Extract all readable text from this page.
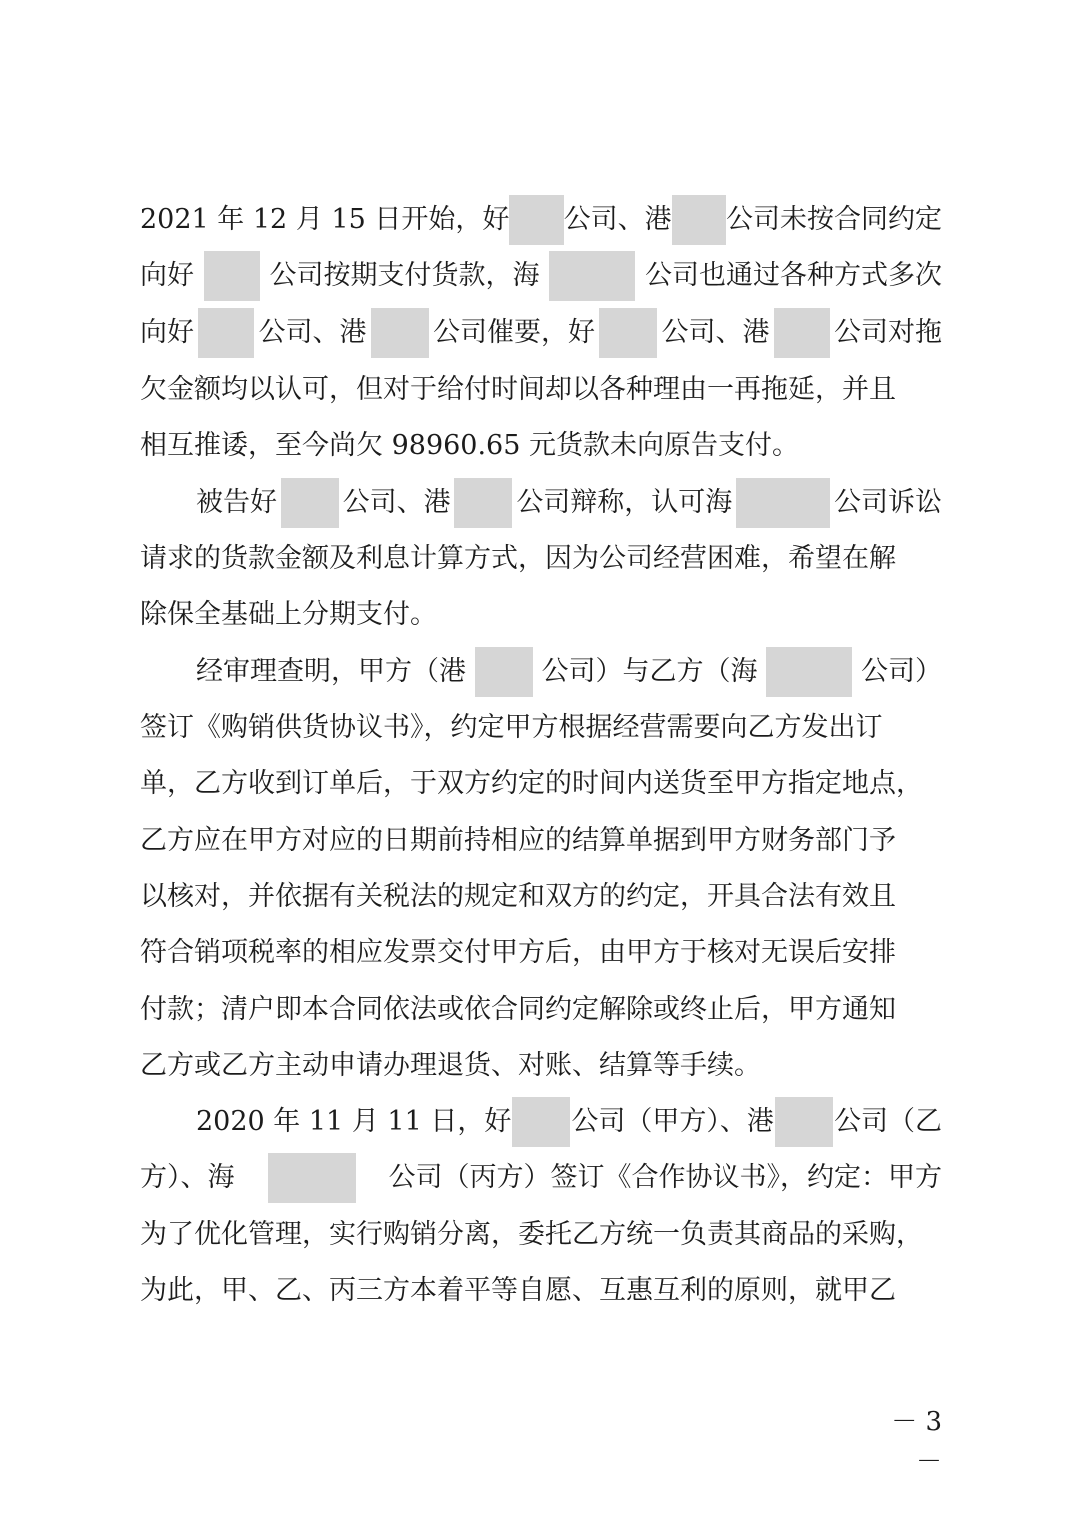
2021 年 12 月 15 日开始，好 公司、港 公司未按合同约定
向好	公司按期支付货款，海	公司也通过各种方式多次
向好 公司、港 公司催要，好 公司、港 公司对拖
欠金额均以认可，但对于给付时间却以各种理由一再拖延，并且
相互推诿，至今尚欠 98960.65 元货款未向原告支付。
被告好 公司、港 公司辩称，认可海	公司诉讼
请求的货款金额及利息计算方式，因为公司经营困难，希望在解
除保全基础上分期支付。
经审理查明，甲方（港	公司）与乙方（海	公司）
签订《购销供货协议书》，约定甲方根据经营需要向乙方发出订
单，乙方收到订单后，于双方约定的时间内送货至甲方指定地点，
乙方应在甲方对应的日期前持相应的结算单据到甲方财务部门予
以核对，并依据有关税法的规定和双方的约定，开具合法有效且
符合销项税率的相应发票交付甲方后，由甲方于核对无误后安排
付款；清户即本合同依法或依合同约定解除或终止后，甲方通知
乙方或乙方主动申请办理退货、对账、结算等手续。
2020 年 11 月 11 日，好 公司（甲方）、港 公司（乙
方）、海	公司（丙方）签订《合作协议书》，约定：甲方
为了优化管理，实行购销分离，委托乙方统一负责其商品的采购，
为此，甲、乙、丙三方本着平等自愿、互惠互利的原则，就甲乙
－ 3 －
